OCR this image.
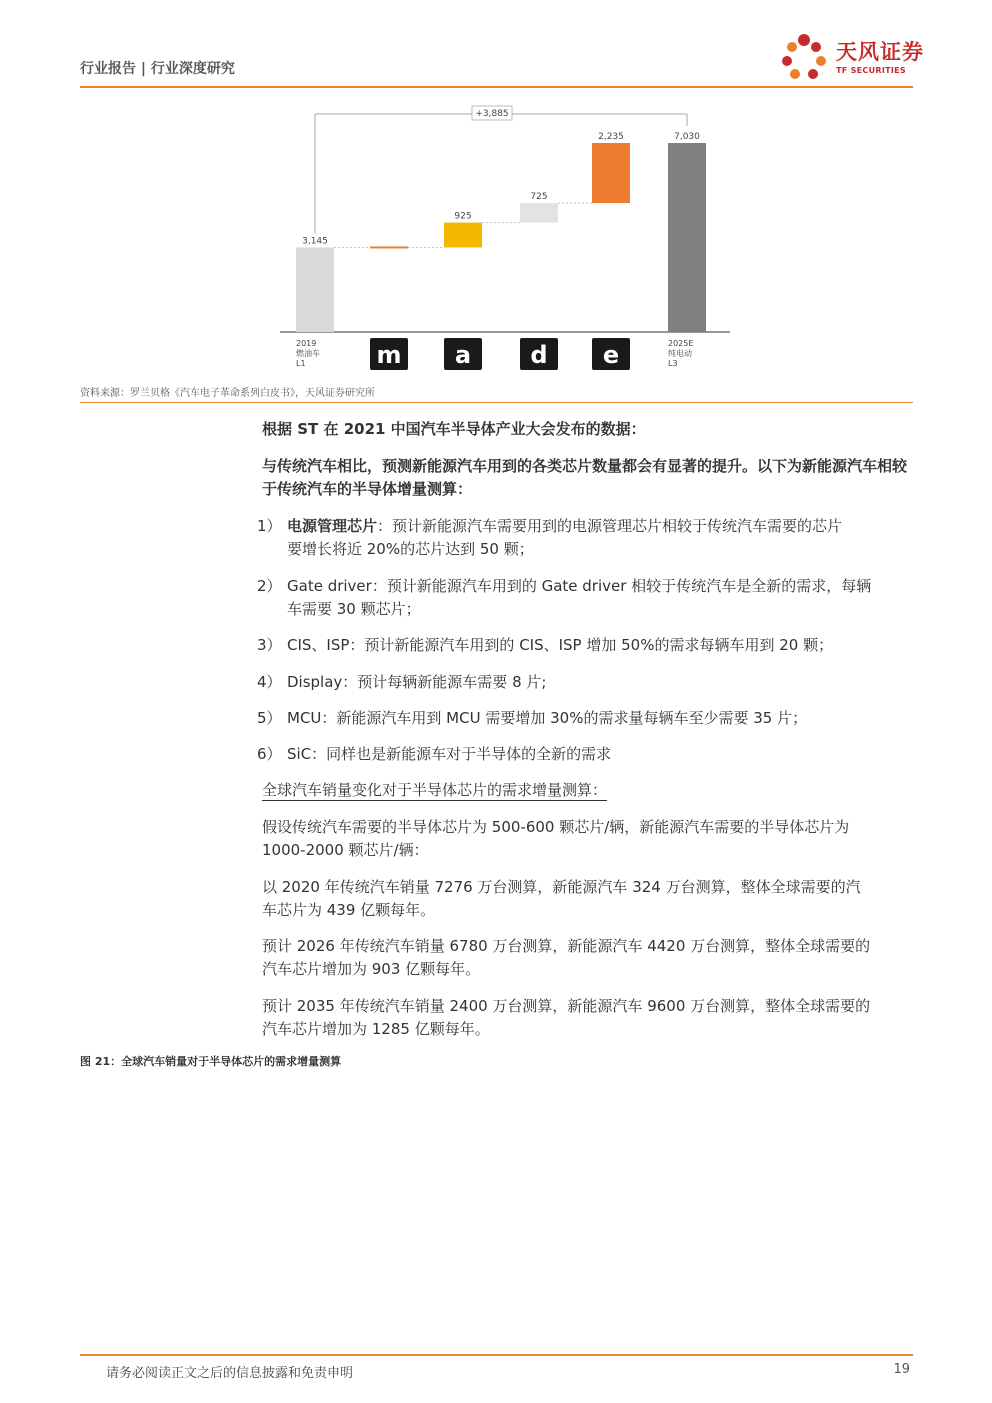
行业报告 | 行业深度研究
天风证券
TF SECURITIES
3,145
925
725
2,235	7,030
+3,885
2019
燃油车
L1	m a d e	2025E
纯电动
L3
资料来源：罗兰贝格《汽车电子革命系列白皮书》，天风证券研究所
根据 ST 在 2021 中国汽车半导体产业大会发布的数据：
与传统汽车相比，预测新能源汽车用到的各类芯片数量都会有显著的提升。以下为新能源汽车相较于传统汽车的半导体增量测算：
1） 电源管理芯片：预计新能源汽车需要用到的电源管理芯片相较于传统汽车需要的芯片
要增长将近 20%的芯片达到 50 颗；
2） Gate driver：预计新能源汽车用到的 Gate driver 相较于传统汽车是全新的需求，每辆
车需要 30 颗芯片；
3） CIS、ISP：预计新能源汽车用到的 CIS、ISP 增加 50%的需求每辆车用到 20 颗；
4） Display：预计每辆新能源车需要 8 片;
5） MCU：新能源汽车用到 MCU 需要增加 30%的需求量每辆车至少需要 35 片；
6） SiC：同样也是新能源车对于半导体的全新的需求
全球汽车销量变化对于半导体芯片的需求增量测算：
假设传统汽车需要的半导体芯片为 500-600 颗芯片/辆，新能源汽车需要的半导体芯片为
1000-2000 颗芯片/辆：
以 2020 年传统汽车销量 7276 万台测算，新能源汽车 324 万台测算，整体全球需要的汽
车芯片为 439 亿颗每年。
预计 2026 年传统汽车销量 6780 万台测算，新能源汽车 4420 万台测算，整体全球需要的
汽车芯片增加为 903 亿颗每年。
预计 2035 年传统汽车销量 2400 万台测算，新能源汽车 9600 万台测算，整体全球需要的
汽车芯片增加为 1285 亿颗每年。
图 21：全球汽车销量对于半导体芯片的需求增量测算
请务必阅读正文之后的信息披露和免责申明	19
